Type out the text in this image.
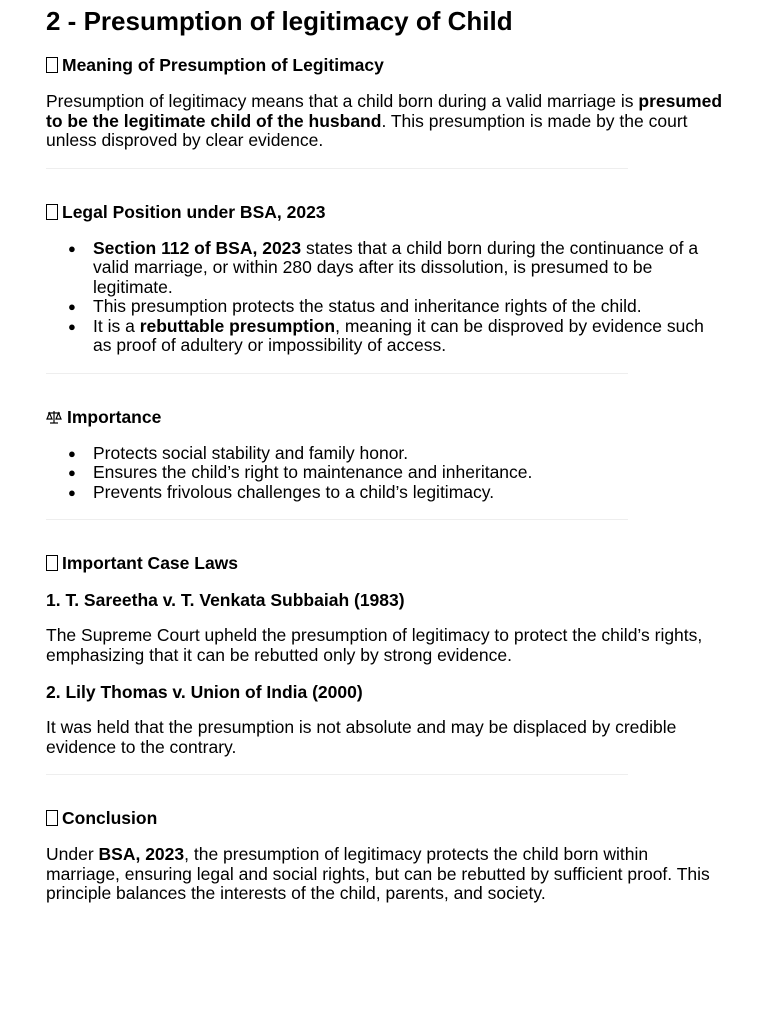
2 - Presumption of legitimacy of Child
Meaning of Presumption of Legitimacy

Presumption of legitimacy means that a child born during a valid marriage is presumed to be the legitimate child of the husband. This presumption is made by the court unless disproved by clear evidence.

Legal Position under BSA, 2023
● Section 112 of BSA, 2023 states that a child born during the continuance of a valid marriage, or within 280 days after its dissolution, is presumed to be legitimate.
● This presumption protects the status and inheritance rights of the child.
● It is a rebuttable presumption, meaning it can be disproved by evidence such as proof of adultery or impossibility of access.
Importance
● Protects social stability and family honor.
● Ensures the child’s right to maintenance and inheritance.
● Prevents frivolous challenges to a child’s legitimacy.
Important Case Laws
1. T. Sareetha v. T. Venkata Subbaiah (1983)

The Supreme Court upheld the presumption of legitimacy to protect the child’s rights, emphasizing that it can be rebutted only by strong evidence.

2. Lily Thomas v. Union of India (2000)

It was held that the presumption is not absolute and may be displaced by credible evidence to the contrary.

Conclusion

Under BSA, 2023, the presumption of legitimacy protects the child born within marriage, ensuring legal and social rights, but can be rebutted by sufficient proof. This principle balances the interests of the child, parents, and society.
